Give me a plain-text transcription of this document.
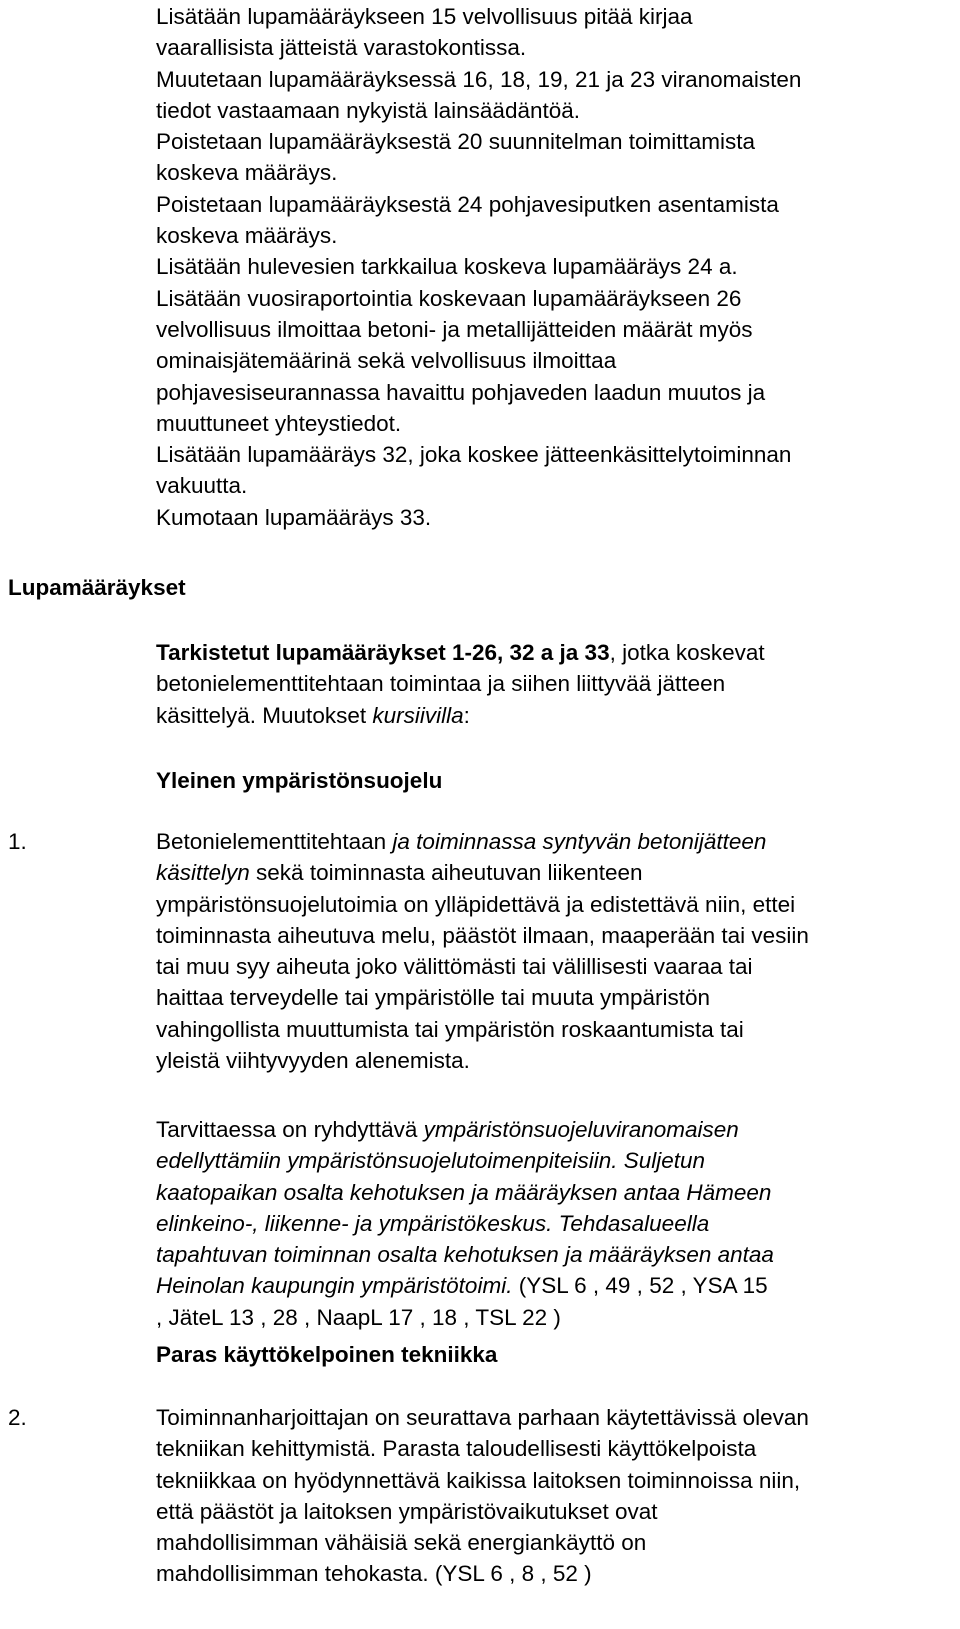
Lisätään lupamääräykseen 15 velvollisuus pitää kirjaa
vaarallisista jätteistä varastokontissa.
Muutetaan lupamääräyksessä 16, 18, 19, 21 ja 23 viranomaisten
tiedot vastaamaan nykyistä lainsäädäntöä.
Poistetaan lupamääräyksestä 20 suunnitelman toimittamista
koskeva määräys.
Poistetaan lupamääräyksestä 24 pohjavesiputken asentamista
koskeva määräys.
Lisätään hulevesien tarkkailua koskeva lupamääräys 24 a.
Lisätään vuosiraportointia koskevaan lupamääräykseen 26
velvollisuus ilmoittaa betoni- ja metallijätteiden määrät myös
ominaisjätemäärinä sekä velvollisuus ilmoittaa
pohjavesiseurannassa havaittu pohjaveden laadun muutos ja
muuttuneet yhteystiedot.
Lisätään lupamääräys 32, joka koskee jätteenkäsittelytoiminnan
vakuutta.
Kumotaan lupamääräys 33.
Lupamääräykset
Tarkistetut lupamääräykset 1-26, 32 a ja 33, jotka koskevat
betonielementtitehtaan toimintaa ja siihen liittyvää jätteen
käsittelyä. Muutokset kursiivilla:
Yleinen ympäristönsuojelu
1.	Betonielementtitehtaan ja toiminnassa syntyvän betonijätteen
käsittelyn sekä toiminnasta aiheutuvan liikenteen
ympäristönsuojelutoimia on ylläpidettävä ja edistettävä niin, ettei
toiminnasta aiheutuva melu, päästöt ilmaan, maaperään tai vesiin
tai muu syy aiheuta joko välittömästi tai välillisesti vaaraa tai
haittaa terveydelle tai ympäristölle tai muuta ympäristön
vahingollista muuttumista tai ympäristön roskaantumista tai
yleistä viihtyvyyden alenemista.
Tarvittaessa on ryhdyttävä ympäristönsuojeluviranomaisen
edellyttämiin ympäristönsuojelutoimenpiteisiin. Suljetun
kaatopaikan osalta kehotuksen ja määräyksen antaa Hämeen
elinkeino-, liikenne- ja ympäristökeskus. Tehdasalueella
tapahtuvan toiminnan osalta kehotuksen ja määräyksen antaa
Heinolan kaupungin ympäristötoimi. (YSL 6 , 49 , 52 , YSA 15
, JäteL 13 , 28 , NaapL 17 , 18 , TSL 22 )
Paras käyttökelpoinen tekniikka
2.	Toiminnanharjoittajan on seurattava parhaan käytettävissä olevan
tekniikan kehittymistä. Parasta taloudellisesti käyttökelpoista
tekniikkaa on hyödynnettävä kaikissa laitoksen toiminnoissa niin,
että päästöt ja laitoksen ympäristövaikutukset ovat
mahdollisimman vähäisiä sekä energiankäyttö on
mahdollisimman tehokasta. (YSL 6 , 8 , 52 )
